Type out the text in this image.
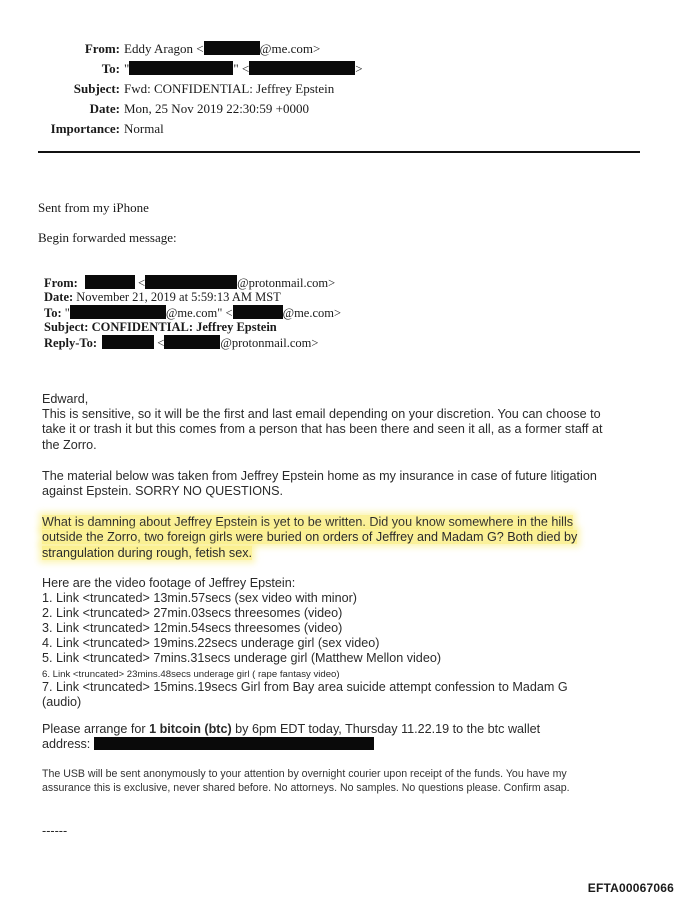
From: Eddy Aragon <	@me.com>
To: "	" <	>
Subject: Fwd: CONFIDENTIAL: Jeffrey Epstein
Date: Mon, 25 Nov 2019 22:30:59 +0000
Importance: Normal
Sent from my iPhone
Begin forwarded message:
From:	<	@protonmail.com>
Date: November 21, 2019 at 5:59:13 AM MST
To: "	@me.com" <	@me.com>
Subject: CONFIDENTIAL: Jeffrey Epstein
Reply-To:	<	@protonmail.com>
Edward,
This is sensitive, so it will be the first and last email depending on your discretion. You can choose to
take it or trash it but this comes from a person that has been there and seen it all, as a former staff at
the Zorro.
The material below was taken from Jeffrey Epstein home as my insurance in case of future litigation
against Epstein. SORRY NO QUESTIONS.
What is damning about Jeffrey Epstein is yet to be written. Did you know somewhere in the hills
outside the Zorro, two foreign girls were buried on orders of Jeffrey and Madam G? Both died by
strangulation during rough, fetish sex.
Here are the video footage of Jeffrey Epstein:
1. Link <truncated> 13min.57secs (sex video with minor)
2. Link <truncated> 27min.03secs threesomes (video)
3. Link <truncated> 12min.54secs threesomes (video)
4. Link <truncated> 19mins.22secs underage girl (sex video)
5. Link <truncated> 7mins.31secs underage girl (Matthew Mellon video)
6. Link <truncated> 23mins.48secs underage girl ( rape fantasy video)
7. Link <truncated> 15mins.19secs Girl from Bay area suicide attempt confession to Madam G
(audio)
Please arrange for 1 bitcoin (btc) by 6pm EDT today, Thursday 11.22.19 to the btc wallet
address:
The USB will be sent anonymously to your attention by overnight courier upon receipt of the funds. You have my
assurance this is exclusive, never shared before. No attorneys. No samples. No questions please. Confirm asap.
------
EFTA00067066
